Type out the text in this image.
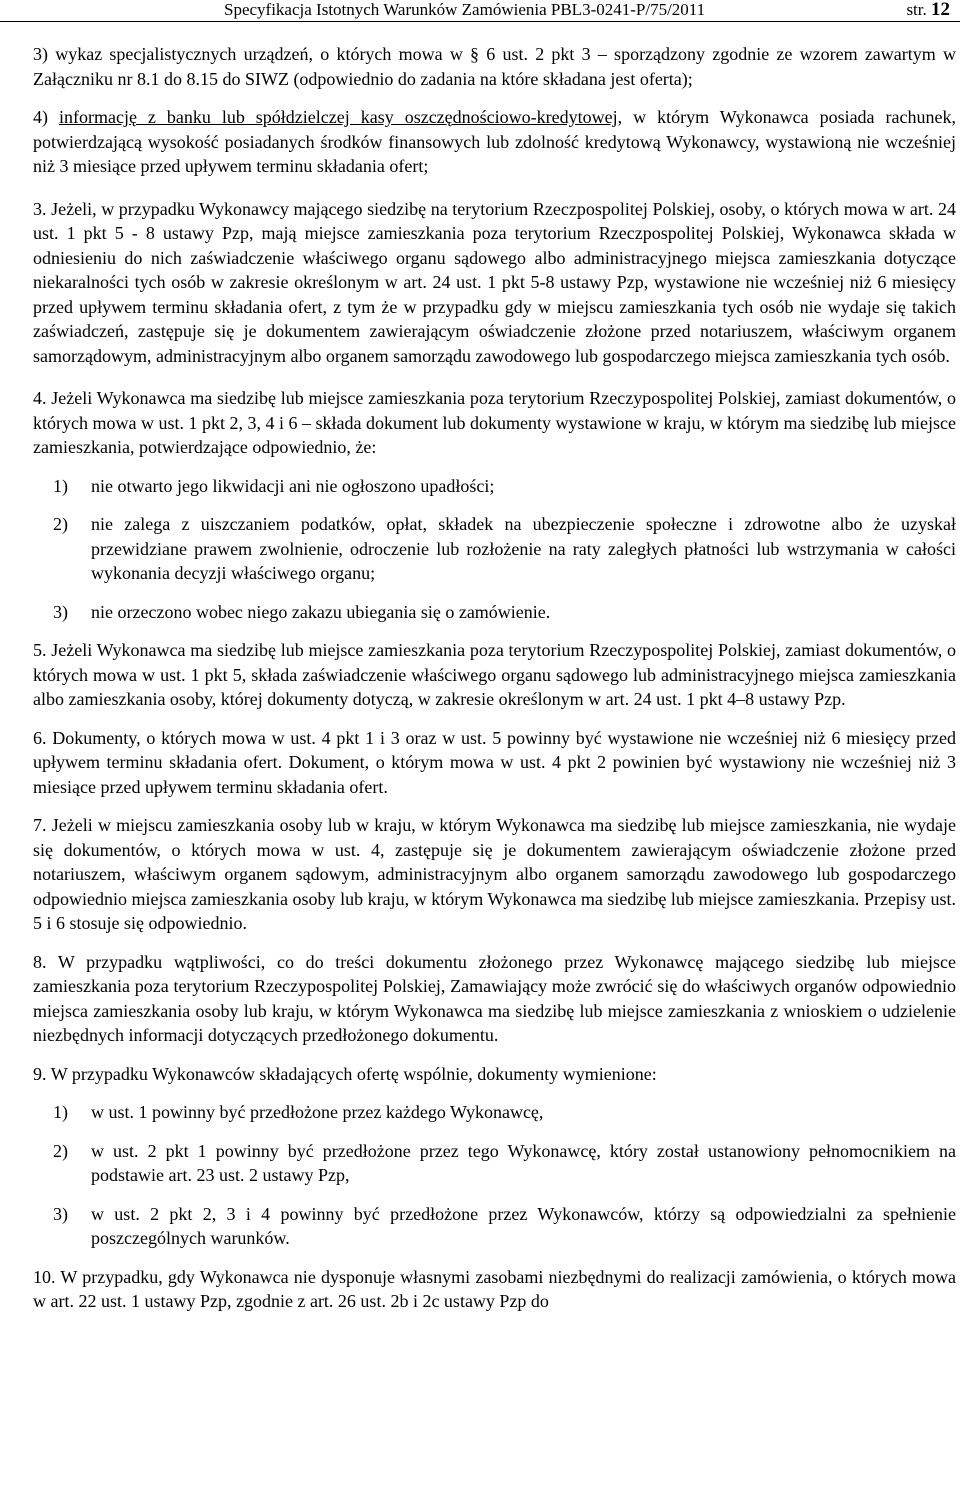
Specyfikacja Istotnych Warunków Zamówienia PBL3-0241-P/75/2011	str. 12

3) wykaz specjalistycznych urządzeń, o których mowa w § 6 ust. 2 pkt 3 – sporządzony zgodnie ze wzorem zawartym w Załączniku nr 8.1 do 8.15 do SIWZ (odpowiednio do zadania na które składana jest oferta);

4) informację z banku lub spółdzielczej kasy oszczędnościowo-kredytowej, w którym Wykonawca posiada rachunek, potwierdzającą wysokość posiadanych środków finansowych lub zdolność kredytową Wykonawcy, wystawioną nie wcześniej niż 3 miesiące przed upływem terminu składania ofert;

3. Jeżeli, w przypadku Wykonawcy mającego siedzibę na terytorium Rzeczpospolitej Polskiej, osoby, o których mowa w art. 24 ust. 1 pkt 5 - 8 ustawy Pzp, mają miejsce zamieszkania poza terytorium Rzeczpospolitej Polskiej, Wykonawca składa w odniesieniu do nich zaświadczenie właściwego organu sądowego albo administracyjnego miejsca zamieszkania dotyczące niekaralności tych osób w zakresie określonym w art. 24 ust. 1 pkt 5-8 ustawy Pzp, wystawione nie wcześniej niż 6 miesięcy przed upływem terminu składania ofert, z tym że w przypadku gdy w miejscu zamieszkania tych osób nie wydaje się takich zaświadczeń, zastępuje się je dokumentem zawierającym oświadczenie złożone przed notariuszem, właściwym organem samorządowym, administracyjnym albo organem samorządu zawodowego lub gospodarczego miejsca zamieszkania tych osób.

4. Jeżeli Wykonawca ma siedzibę lub miejsce zamieszkania poza terytorium Rzeczypospolitej Polskiej, zamiast dokumentów, o których mowa w ust. 1 pkt 2, 3, 4 i 6 – składa dokument lub dokumenty wystawione w kraju, w którym ma siedzibę lub miejsce zamieszkania, potwierdzające odpowiednio, że:

1)	nie otwarto jego likwidacji ani nie ogłoszono upadłości;
2)	nie zalega z uiszczaniem podatków, opłat, składek na ubezpieczenie społeczne i zdrowotne albo że uzyskał przewidziane prawem zwolnienie, odroczenie lub rozłożenie na raty zaległych płatności lub wstrzymania w całości wykonania decyzji właściwego organu;
3)	nie orzeczono wobec niego zakazu ubiegania się o zamówienie.

5. Jeżeli Wykonawca ma siedzibę lub miejsce zamieszkania poza terytorium Rzeczypospolitej Polskiej, zamiast dokumentów, o których mowa w ust. 1 pkt 5, składa zaświadczenie właściwego organu sądowego lub administracyjnego miejsca zamieszkania albo zamieszkania osoby, której dokumenty dotyczą, w zakresie określonym w art. 24 ust. 1 pkt 4–8 ustawy Pzp.

6. Dokumenty, o których mowa w ust. 4 pkt 1 i 3 oraz w ust. 5 powinny być wystawione nie wcześniej niż 6 miesięcy przed upływem terminu składania ofert. Dokument, o którym mowa w ust. 4 pkt 2 powinien być wystawiony nie wcześniej niż 3 miesiące przed upływem terminu składania ofert.

7. Jeżeli w miejscu zamieszkania osoby lub w kraju, w którym Wykonawca ma siedzibę lub miejsce zamieszkania, nie wydaje się dokumentów, o których mowa w ust. 4, zastępuje się je dokumentem zawierającym oświadczenie złożone przed notariuszem, właściwym organem sądowym, administracyjnym albo organem samorządu zawodowego lub gospodarczego odpowiednio miejsca zamieszkania osoby lub kraju, w którym Wykonawca ma siedzibę lub miejsce zamieszkania. Przepisy ust. 5 i 6 stosuje się odpowiednio.

8. W przypadku wątpliwości, co do treści dokumentu złożonego przez Wykonawcę mającego siedzibę lub miejsce zamieszkania poza terytorium Rzeczypospolitej Polskiej, Zamawiający może zwrócić się do właściwych organów odpowiednio miejsca zamieszkania osoby lub kraju, w którym Wykonawca ma siedzibę lub miejsce zamieszkania z wnioskiem o udzielenie niezbędnych informacji dotyczących przedłożonego dokumentu.

9. W przypadku Wykonawców składających ofertę wspólnie, dokumenty wymienione:

1)	w ust. 1 powinny być przedłożone przez każdego Wykonawcę,
2)	w ust. 2 pkt 1 powinny być przedłożone przez tego Wykonawcę, który został ustanowiony pełnomocnikiem na podstawie art. 23 ust. 2 ustawy Pzp,
3)	w ust. 2 pkt 2, 3 i 4 powinny być przedłożone przez Wykonawców, którzy są odpowiedzialni za spełnienie poszczególnych warunków.

10. W przypadku, gdy Wykonawca nie dysponuje własnymi zasobami niezbędnymi do realizacji zamówienia, o których mowa w art. 22 ust. 1 ustawy Pzp, zgodnie z art. 26 ust. 2b i 2c ustawy Pzp do
